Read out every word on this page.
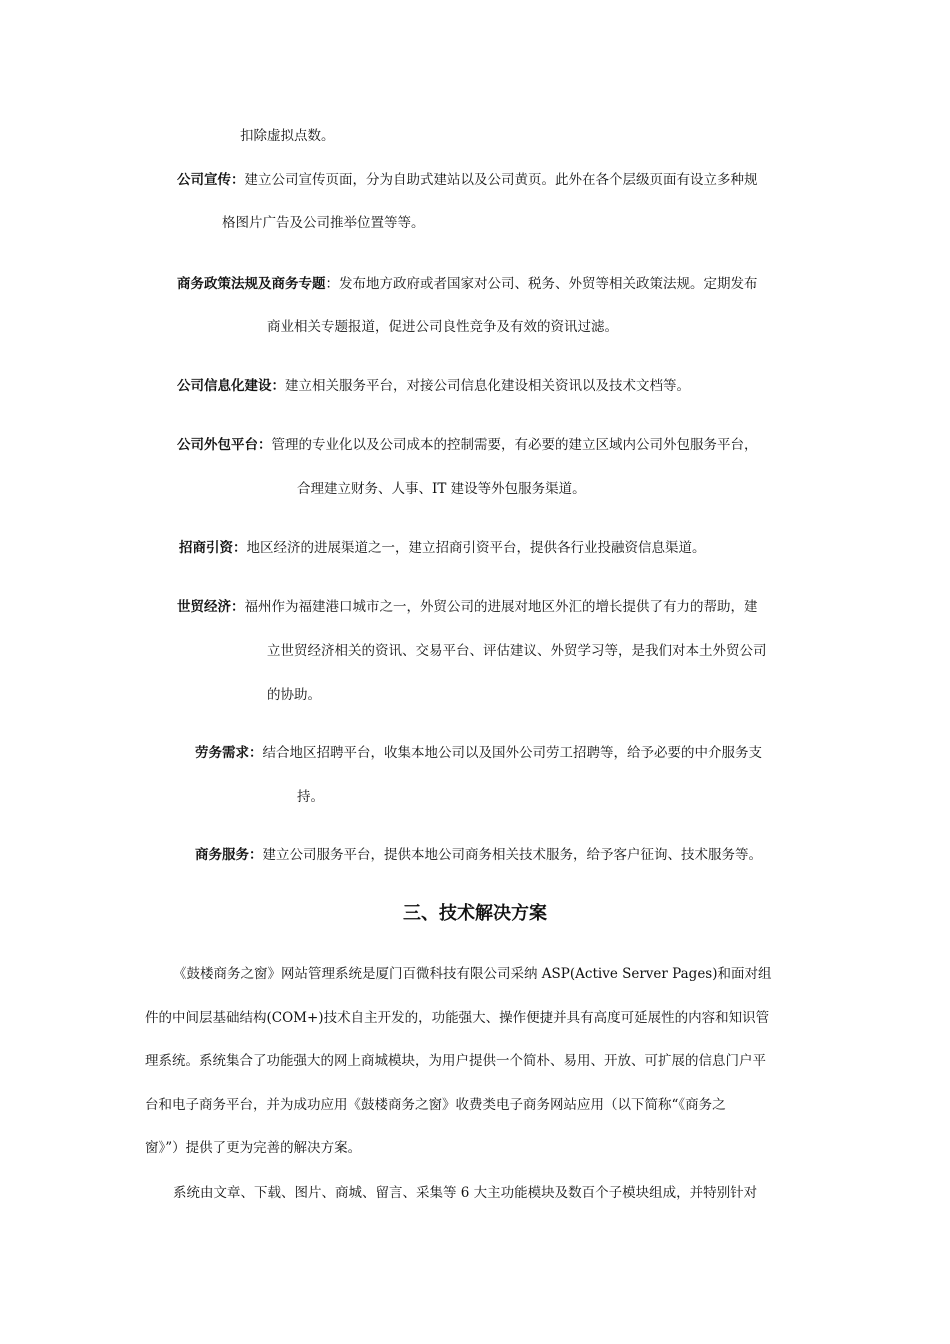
扣除虚拟点数。
公司宣传：建立公司宣传页面，分为自助式建站以及公司黄页。此外在各个层级页面有设立多种规
格图片广告及公司推举位置等等。
商务政策法规及商务专题：发布地方政府或者国家对公司、税务、外贸等相关政策法规。定期发布
商业相关专题报道，促进公司良性竞争及有效的资讯过滤。
公司信息化建设：建立相关服务平台，对接公司信息化建设相关资讯以及技术文档等。
公司外包平台：管理的专业化以及公司成本的控制需要，有必要的建立区域内公司外包服务平台，
合理建立财务、人事、IT 建设等外包服务渠道。
招商引资：地区经济的进展渠道之一，建立招商引资平台，提供各行业投融资信息渠道。
世贸经济：福州作为福建港口城市之一，外贸公司的进展对地区外汇的增长提供了有力的帮助，建
立世贸经济相关的资讯、交易平台、评估建议、外贸学习等，是我们对本土外贸公司
的协助。
劳务需求：结合地区招聘平台，收集本地公司以及国外公司劳工招聘等，给予必要的中介服务支
持。
商务服务：建立公司服务平台，提供本地公司商务相关技术服务，给予客户征询、技术服务等。
三、技术解决方案
《鼓楼商务之窗》网站管理系统是厦门百微科技有限公司采纳 ASP(Active Server Pages)和面对组
件的中间层基础结构(COM+)技术自主开发的，功能强大、操作便捷并具有高度可延展性的内容和知识管
理系统。系统集合了功能强大的网上商城模块，为用户提供一个简朴、易用、开放、可扩展的信息门户平
台和电子商务平台，并为成功应用《鼓楼商务之窗》收费类电子商务网站应用（以下简称“《商务之
窗》”）提供了更为完善的解决方案。
系统由文章、下载、图片、商城、留言、采集等 6 大主功能模块及数百个子模块组成，并特别针对
